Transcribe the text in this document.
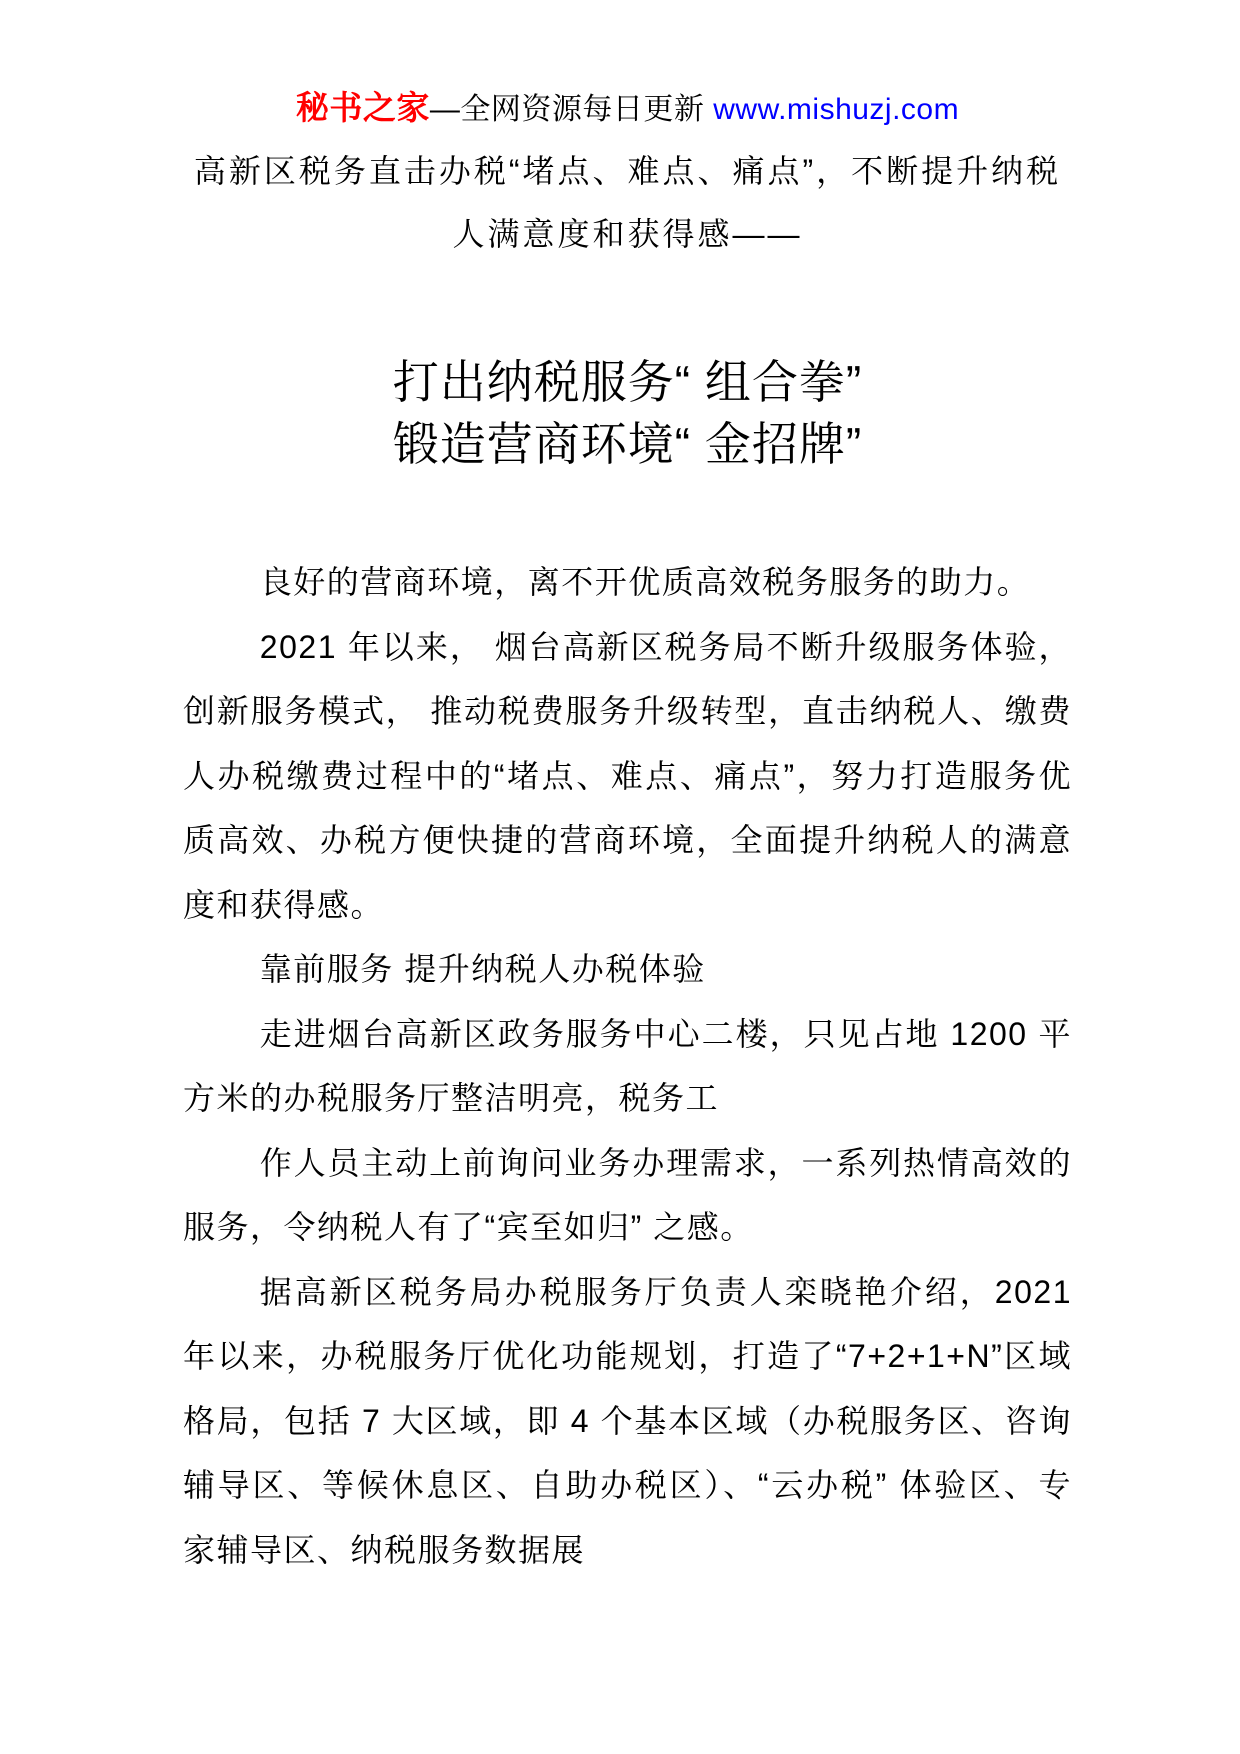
秘书之家—全网资源每日更新 www.mishuzj.com
高新区税务直击办税“堵点、难点、痛点”，不断提升纳税人满意度和获得感——
打出纳税服务“ 组合拳”
锻造营商环境“ 金招牌”

良好的营商环境，离不开优质高效税务服务的助力。

2021 年以来， 烟台高新区税务局不断升级服务体验， 创新服务模式， 推动税费服务升级转型，直击纳税人、缴费人办税缴费过程中的“堵点、难点、痛点”，努力打造服务优质高效、办税方便快捷的营商环境，全面提升纳税人的满意度和获得感。

靠前服务 提升纳税人办税体验

走进烟台高新区政务服务中心二楼，只见占地 1200 平方米的办税服务厅整洁明亮，税务工

作人员主动上前询问业务办理需求，一系列热情高效的服务，令纳税人有了“宾至如归” 之感。

据高新区税务局办税服务厅负责人栾晓艳介绍，2021 年以来，办税服务厅优化功能规划，打造了“7+2+1+N”区域格局，包括 7 大区域，即 4 个基本区域（办税服务区、咨询辅导区、等候休息区、自助办税区）、“云办税” 体验区、专家辅导区、纳税服务数据展
